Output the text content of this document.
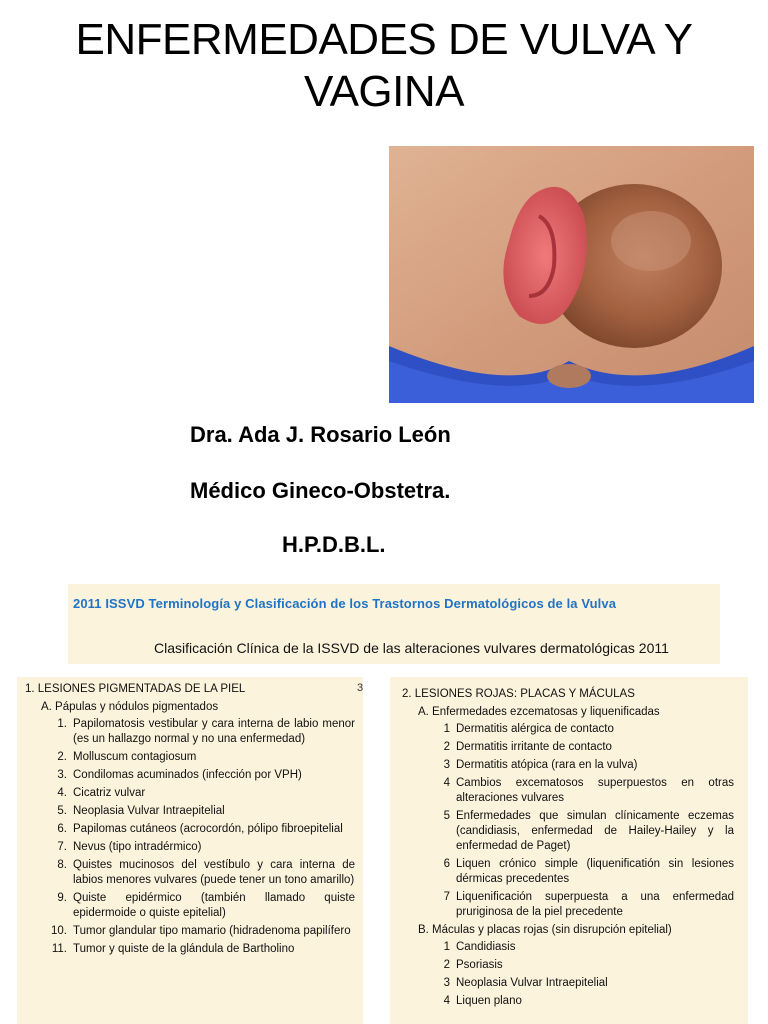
ENFERMEDADES DE VULVA Y
VAGINA
Dra. Ada J. Rosario León
Médico Gineco-Obstetra.
H.P.D.B.L.
2011 ISSVD Terminología y Clasificación de los Trastornos Dermatológicos de la Vulva
Clasificación Clínica de la ISSVD de las alteraciones vulvares dermatológicas 2011
1. LESIONES PIGMENTADAS DE LA PIEL
A. Pápulas y nódulos pigmentados
1. Papilomatosis vestibular y cara interna de labio menor (es un hallazgo normal y no una enfermedad)
2. Molluscum contagiosum
3. Condilomas acuminados (infección por VPH)
4. Cicatriz vulvar
5. Neoplasia Vulvar Intraepitelial
6. Papilomas cutáneos (acrocordón, pólipo fibroepitelial
7. Nevus (tipo intradérmico)
8. Quistes mucinosos del vestíbulo y cara interna de labios menores vulvares (puede tener un tono amarillo)
9. Quiste epidérmico (también llamado quiste epidermoide o quiste epitelial)
10. Tumor glandular tipo mamario (hidradenoma papilífero
11. Tumor y quiste de la glándula de Bartholino
3	2. LESIONES ROJAS: PLACAS Y MÁCULAS
A. Enfermedades ezcematosas y liquenificadas
1 Dermatitis alérgica de contacto
2 Dermatitis irritante de contacto
3 Dermatitis atópica (rara en la vulva)
4 Cambios excematosos superpuestos en otras alteraciones vulvares
5 Enfermedades que simulan clínicamente eczemas (candidiasis, enfermedad de Hailey-Hailey y la enfermedad de Paget)
6 Liquen crónico simple (liquenificatión sin lesiones dérmicas precedentes
7 Liquenificación superpuesta a una enfermedad pruriginosa de la piel precedente
B. Máculas y placas rojas (sin disrupción epitelial)
1 Candidiasis
2 Psoriasis
3 Neoplasia Vulvar Intraepitelial
4 Liquen plano
